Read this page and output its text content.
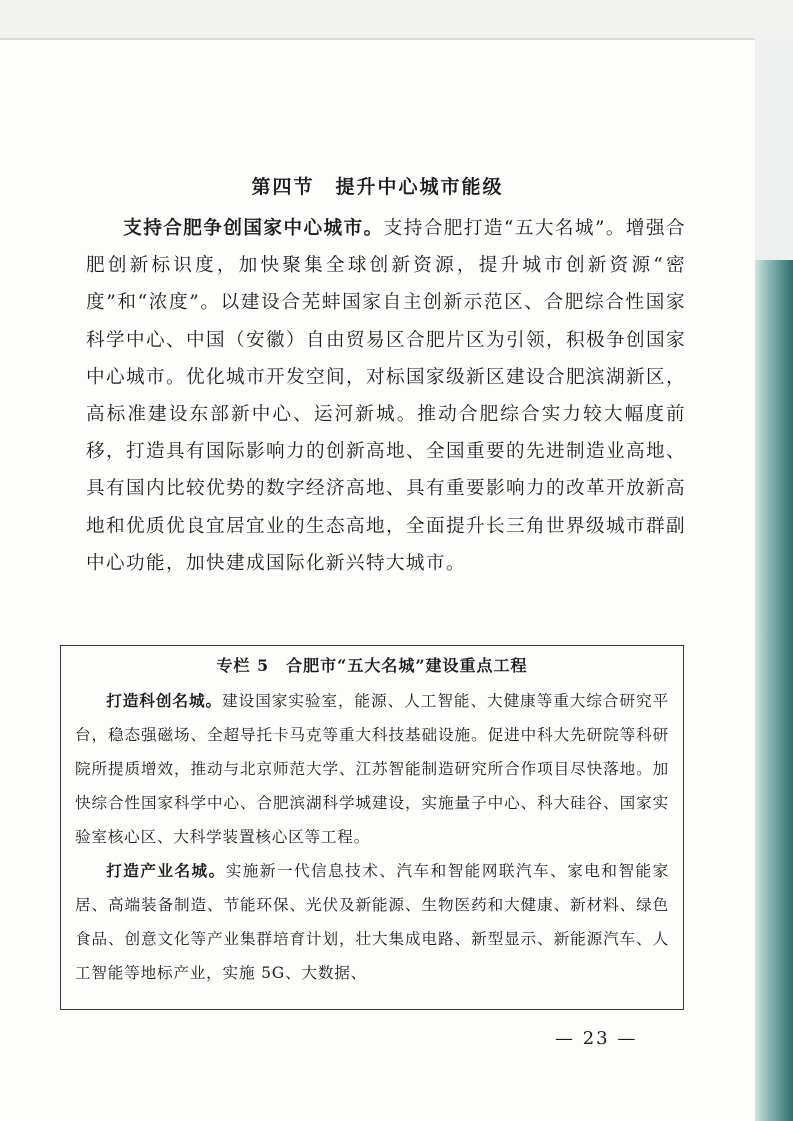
第四节　提升中心城市能级

支持合肥争创国家中心城市。支持合肥打造“五大名城”。增强合肥创新标识度，加快聚集全球创新资源，提升城市创新资源“密度”和“浓度”。以建设合芜蚌国家自主创新示范区、合肥综合性国家科学中心、中国（安徽）自由贸易区合肥片区为引领，积极争创国家中心城市。优化城市开发空间，对标国家级新区建设合肥滨湖新区，高标准建设东部新中心、运河新城。推动合肥综合实力较大幅度前移，打造具有国际影响力的创新高地、全国重要的先进制造业高地、具有国内比较优势的数字经济高地、具有重要影响力的改革开放新高地和优质优良宜居宜业的生态高地，全面提升长三角世界级城市群副中心功能，加快建成国际化新兴特大城市。

专栏 5　合肥市“五大名城”建设重点工程

打造科创名城。建设国家实验室，能源、人工智能、大健康等重大综合研究平台，稳态强磁场、全超导托卡马克等重大科技基础设施。促进中科大先研院等科研院所提质增效，推动与北京师范大学、江苏智能制造研究所合作项目尽快落地。加快综合性国家科学中心、合肥滨湖科学城建设，实施量子中心、科大硅谷、国家实验室核心区、大科学装置核心区等工程。

打造产业名城。实施新一代信息技术、汽车和智能网联汽车、家电和智能家居、高端装备制造、节能环保、光伏及新能源、生物医药和大健康、新材料、绿色食品、创意文化等产业集群培育计划，壮大集成电路、新型显示、新能源汽车、人工智能等地标产业，实施 5G、大数据、

— 23 —
